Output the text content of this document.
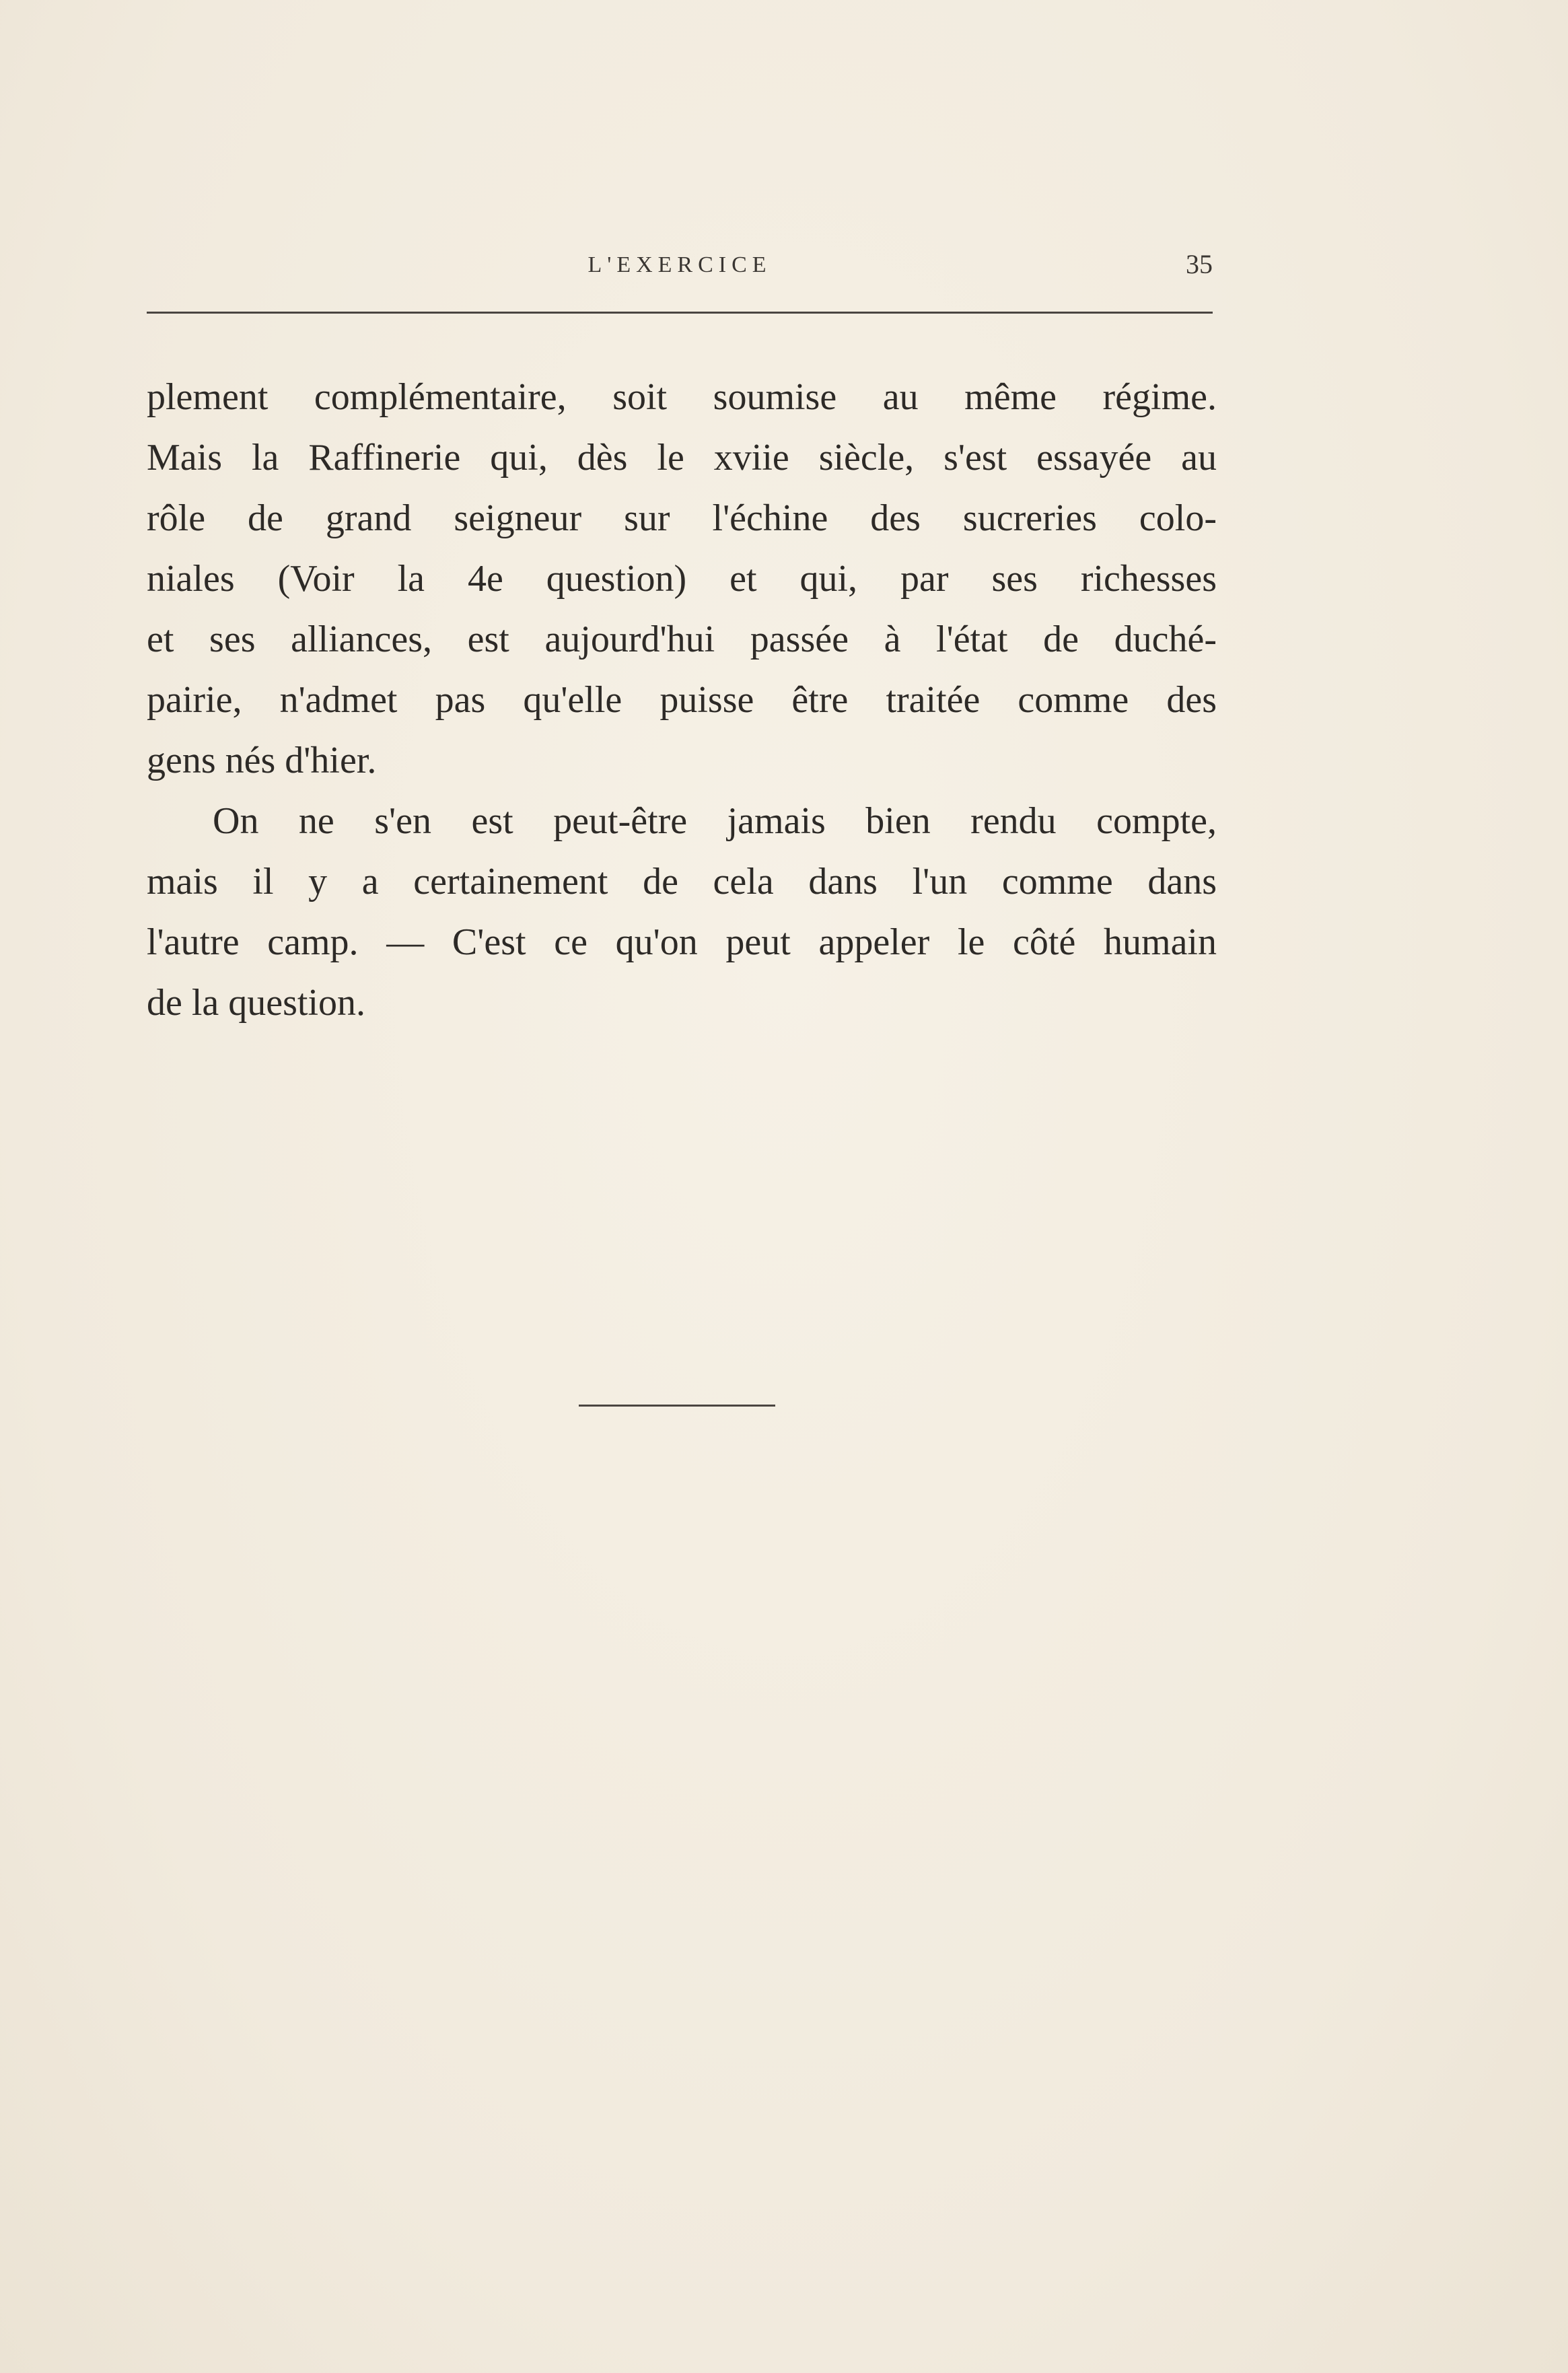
L'EXERCICE	35
plement complémentaire, soit soumise au même régime.
Mais la Raffinerie qui, dès le xviie siècle, s'est essayée au
rôle de grand seigneur sur l'échine des sucreries colo-
niales (Voir la 4e question) et qui, par ses richesses
et ses alliances, est aujourd'hui passée à l'état de duché-
pairie, n'admet pas qu'elle puisse être traitée comme des
gens nés d'hier.
On ne s'en est peut-être jamais bien rendu compte,
mais il y a certainement de cela dans l'un comme dans
l'autre camp. — C'est ce qu'on peut appeler le côté humain
de la question.
